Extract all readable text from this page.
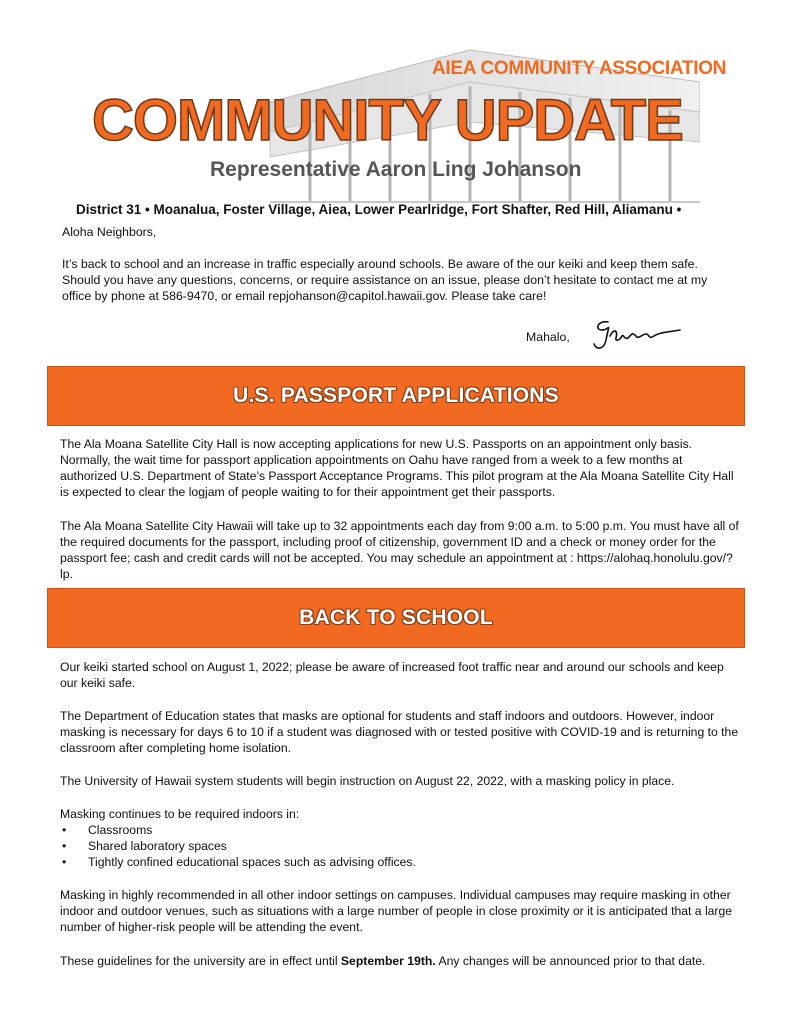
AIEA COMMUNITY ASSOCIATION
COMMUNITY UPDATE
Representative Aaron Ling Johanson
District 31 • Moanalua, Foster Village, Aiea, Lower Pearlridge, Fort Shafter, Red Hill, Aliamanu •
Aloha Neighbors,
It’s back to school and an increase in traffic especially around schools. Be aware of the our keiki and keep them safe. Should you have any questions, concerns, or require assistance on an issue, please don’t hesitate to contact me at my office by phone at 586-9470, or email repjohanson@capitol.hawaii.gov. Please take care!
Mahalo,
U.S. PASSPORT APPLICATIONS
The Ala Moana Satellite City Hall is now accepting applications for new U.S. Passports on an appointment only basis. Normally, the wait time for passport application appointments on Oahu have ranged from a week to a few months at authorized U.S. Department of State’s Passport Acceptance Programs. This pilot program at the Ala Moana Satellite City Hall is expected to clear the logjam of people waiting to for their appointment get their passports.
The Ala Moana Satellite City Hawaii will take up to 32 appointments each day from 9:00 a.m. to 5:00 p.m. You must have all of the required documents for the passport, including proof of citizenship, government ID and a check or money order for the passport fee; cash and credit cards will not be accepted. You may schedule an appointment at : https://alohaq.honolulu.gov/?lp.
BACK TO SCHOOL
Our keiki started school on August 1, 2022; please be aware of increased foot traffic near and around our schools and keep our keiki safe.
The Department of Education states that masks are optional for students and staff indoors and outdoors. However, indoor masking is necessary for days 6 to 10 if a student was diagnosed with or tested positive with COVID-19 and is returning to the classroom after completing home isolation.
The University of Hawaii system students will begin instruction on August 22, 2022, with a masking policy in place.
Masking continues to be required indoors in:
• Classrooms
• Shared laboratory spaces
• Tightly confined educational spaces such as advising offices.
Masking in highly recommended in all other indoor settings on campuses. Individual campuses may require masking in other indoor and outdoor venues, such as situations with a large number of people in close proximity or it is anticipated that a large number of higher-risk people will be attending the event.
These guidelines for the university are in effect until September 19th. Any changes will be announced prior to that date.
